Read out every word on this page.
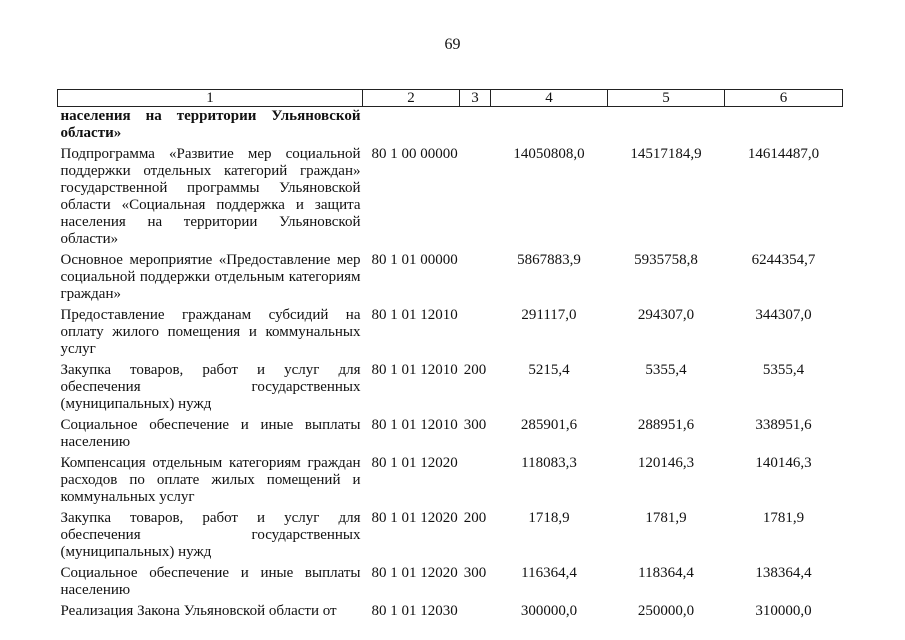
69
1	2	3	4	5	6
населения на территории Ульяновской области»					
Подпрограмма «Развитие мер социальной поддержки отдельных категорий граждан» государственной программы Ульяновской области «Социальная поддержка и защита населения на территории Ульяновской области»	80 1 00 00000		14050808,0	14517184,9	14614487,0
Основное мероприятие «Предоставление мер социальной поддержки отдельным категориям граждан»	80 1 01 00000		5867883,9	5935758,8	6244354,7
Предоставление гражданам субсидий на оплату жилого помещения и коммунальных услуг	80 1 01 12010		291117,0	294307,0	344307,0
Закупка товаров, работ и услуг для обеспечения государственных (муниципальных) нужд	80 1 01 12010	200	5215,4	5355,4	5355,4
Социальное обеспечение и иные выплаты населению	80 1 01 12010	300	285901,6	288951,6	338951,6
Компенсация отдельным категориям граждан расходов по оплате жилых помещений и коммунальных услуг	80 1 01 12020		118083,3	120146,3	140146,3
Закупка товаров, работ и услуг для обеспечения государственных (муниципальных) нужд	80 1 01 12020	200	1718,9	1781,9	1781,9
Социальное обеспечение и иные выплаты населению	80 1 01 12020	300	116364,4	118364,4	138364,4
Реализация Закона Ульяновской области от	80 1 01 12030		300000,0	250000,0	310000,0
